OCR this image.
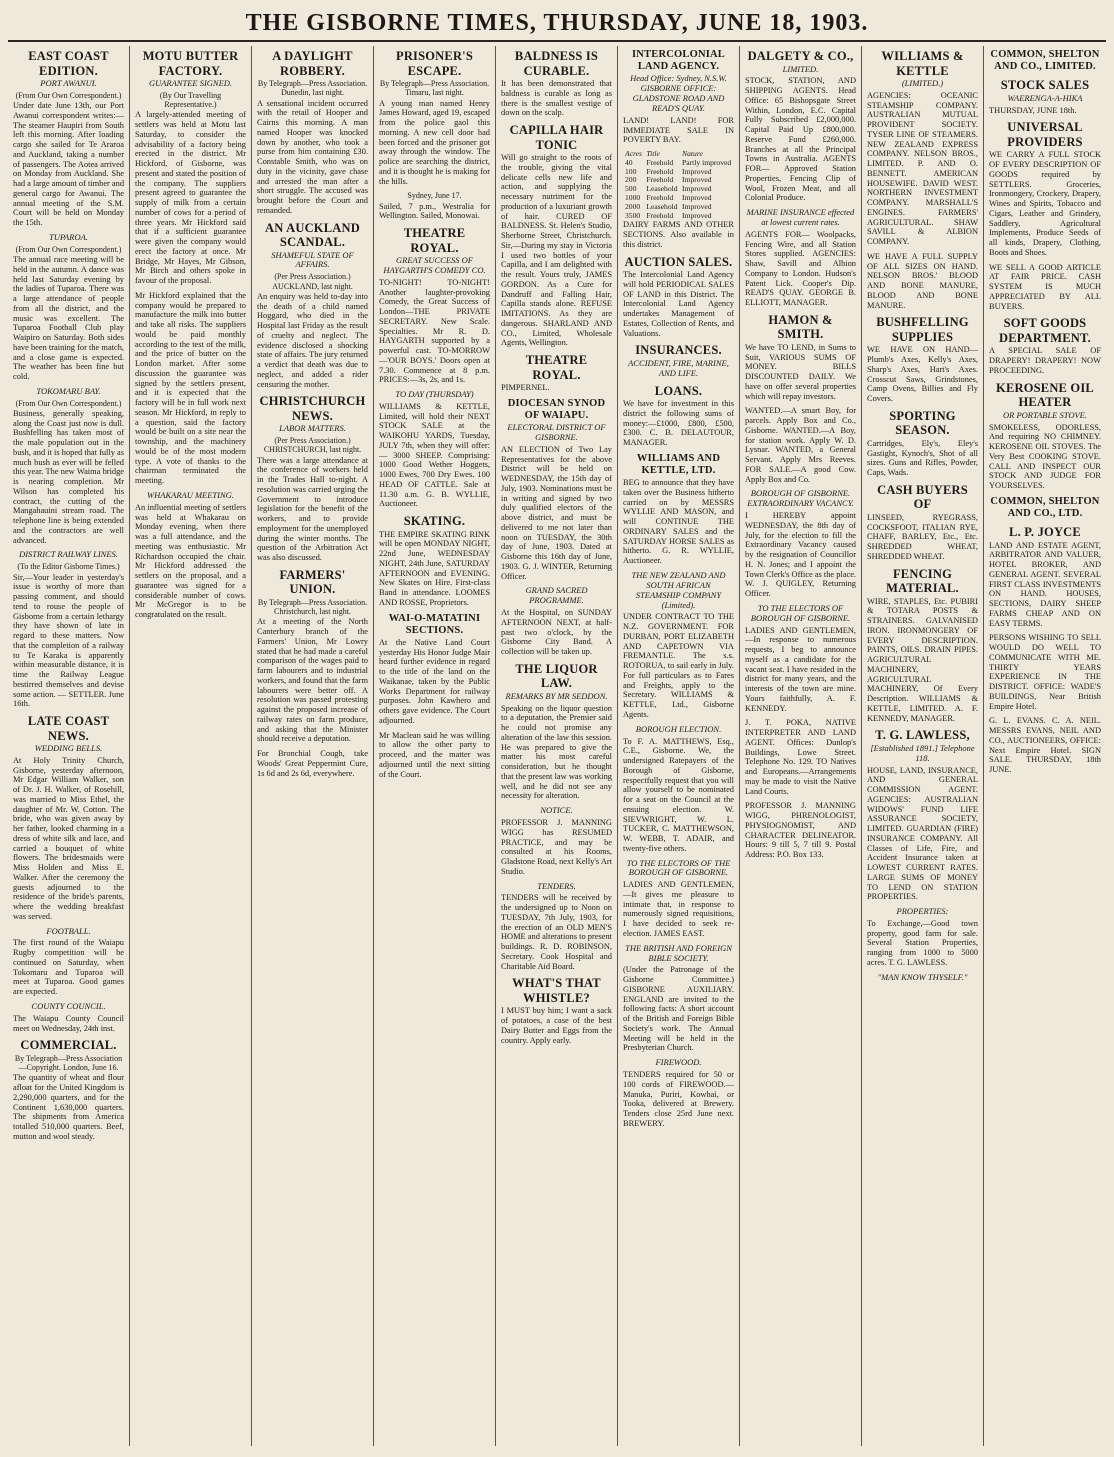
THE GISBORNE TIMES, THURSDAY, JUNE 18, 1903.
EAST COAST EDITION.
PORT AWANUI.
(From Our Own Correspondent.)

Under date June 13th, our Port Awanui correspondent writes:—The steamer Haupiri from South left this morning. After loading cargo she sailed for Te Araroa and Auckland, taking a number of passengers. The Aotea arrived on Monday from Auckland. She had a large amount of timber and general cargo for Awanui. The annual meeting of the S.M. Court will be held on Monday the 15th.

TUPAROA.
(From Our Own Correspondent.)

The annual race meeting will be held in the autumn. A dance was held last Saturday evening by the ladies of Tuparoa. There was a large attendance of people from all the district, and the music was excellent. The Tuparoa Football Club play Waipiro on Saturday. Both sides have been training for the match, and a close game is expected. The weather has been fine but cold.

TOKOMARU BAY.
(From Our Own Correspondent.)

Business, generally speaking, along the Coast just now is dull. Bushfelling has taken most of the male population out in the bush, and it is hoped that fully as much bush as ever will be felled this year. The new Waima bridge is nearing completion. Mr Wilson has completed his contract, the cutting of the Mangahauini stream road. The telephone line is being extended and the contractors are well advanced.

DISTRICT RAILWAY LINES.
(To the Editor Gisborne Times.)

Sir,—Your leader in yesterday's issue is worthy of more than passing comment, and should tend to rouse the people of Gisborne from a certain lethargy they have shown of late in regard to these matters. Now that the completion of a railway to Te Karaka is apparently within measurable distance, it is time the Railway League bestirred themselves and devise some action. — SETTLER. June 16th.

LATE COAST NEWS.
WEDDING BELLS.

At Holy Trinity Church, Gisborne, yesterday afternoon, Mr Edgar William Walker, son of Dr. J. H. Walker, of Rosehill, was married to Miss Ethel, the daughter of Mr. W. Cotton. The bride, who was given away by her father, looked charming in a dress of white silk and lace, and carried a bouquet of white flowers. The bridesmaids were Miss Holden and Miss E. Walker. After the ceremony the guests adjourned to the residence of the bride's parents, where the wedding breakfast was served.

FOOTBALL.

The first round of the Waiapu Rugby competition will be continued on Saturday, when Tokomaru and Tuparoa will meet at Tuparoa. Good games are expected.

COUNTY COUNCIL.

The Waiapu County Council meet on Wednesday, 24th inst.

COMMERCIAL.
By Telegraph—Press Association—Copyright. London, June 16.

The quantity of wheat and flour afloat for the United Kingdom is 2,290,000 quarters, and for the Continent 1,630,000 quarters. The shipments from America totalled 510,000 quarters. Beef, mutton and wool steady.

MOTU BUTTER FACTORY.
GUARANTEE SIGNED.
(By Our Travelling Representative.)

A largely-attended meeting of settlers was held at Motu last Saturday, to consider the advisability of a factory being erected in the district. Mr Hickford, of Gisborne, was present and stated the position of the company. The suppliers present agreed to guarantee the supply of milk from a certain number of cows for a period of three years. Mr Hickford said that if a sufficient guarantee were given the company would erect the factory at once. Mr Bridge, Mr Hayes, Mr Gibson, Mr Birch and others spoke in favour of the proposal.

Mr Hickford explained that the company would be prepared to manufacture the milk into butter and take all risks. The suppliers would be paid monthly according to the test of the milk, and the price of butter on the London market. After some discussion the guarantee was signed by the settlers present, and it is expected that the factory will be in full work next season. Mr Hickford, in reply to a question, said the factory would be built on a site near the township, and the machinery would be of the most modern type. A vote of thanks to the chairman terminated the meeting.

WHAKARAU MEETING.

An influential meeting of settlers was held at Whakarau on Monday evening, when there was a full attendance, and the meeting was enthusiastic. Mr Richardson occupied the chair. Mr Hickford addressed the settlers on the proposal, and a guarantee was signed for a considerable number of cows. Mr McGregor is to be congratulated on the result.

A DAYLIGHT ROBBERY.
By Telegraph—Press Association. Dunedin, last night.

A sensational incident occurred with the retail of Hooper and Cairns this morning. A man named Hooper was knocked down by another, who took a purse from him containing £30. Constable Smith, who was on duty in the vicinity, gave chase and arrested the man after a short struggle. The accused was brought before the Court and remanded.

AN AUCKLAND SCANDAL.
SHAMEFUL STATE OF AFFAIRS.
(Per Press Association.) AUCKLAND, last night.

An enquiry was held to-day into the death of a child named Hoggard, who died in the Hospital last Friday as the result of cruelty and neglect. The evidence disclosed a shocking state of affairs. The jury returned a verdict that death was due to neglect, and added a rider censuring the mother.

CHRISTCHURCH NEWS.
LABOR MATTERS.
(Per Press Association.) CHRISTCHURCH, last night.

There was a large attendance at the conference of workers held in the Trades Hall to-night. A resolution was carried urging the Government to introduce legislation for the benefit of the workers, and to provide employment for the unemployed during the winter months. The question of the Arbitration Act was also discussed.

FARMERS' UNION.
By Telegraph—Press Association. Christchurch, last night.

At a meeting of the North Canterbury branch of the Farmers' Union, Mr Lowry stated that he had made a careful comparison of the wages paid to farm labourers and to industrial workers, and found that the farm labourers were better off. A resolution was passed protesting against the proposed increase of railway rates on farm produce, and asking that the Minister should receive a deputation.

For Bronchial Cough, take Woods' Great Peppermint Cure, 1s 6d and 2s 6d, everywhere.

PRISONER'S ESCAPE.
By Telegraph—Press Association. Timaru, last night.

A young man named Henry James Howard, aged 19, escaped from the police gaol this morning. A new cell door had been forced and the prisoner got away through the window. The police are searching the district, and it is thought he is making for the hills.

Sydney, June 17.

Sailed, 7 p.m., Westralia for Wellington. Sailed, Monowai.

THEATRE ROYAL.
GREAT SUCCESS OF HAYGARTH'S COMEDY CO.

TO-NIGHT! TO-NIGHT! Another laughter-provoking Comedy, the Great Success of London—THE PRIVATE SECRETARY. New Scale. Specialties. Mr R. D. HAYGARTH supported by a powerful cast. TO-MORROW—'OUR BOYS.' Doors open at 7.30. Commence at 8 p.m. PRICES:—3s, 2s, and 1s.

TO DAY (THURSDAY)

WILLIAMS & KETTLE, Limited, will hold their NEXT STOCK SALE at the WAIKOHU YARDS, Tuesday, JULY 7th, when they will offer:— 3000 SHEEP. Comprising: 1000 Good Wether Hoggets, 1000 Ewes, 700 Dry Ewes. 100 HEAD OF CATTLE. Sale at 11.30 a.m. G. B. WYLLIE, Auctioneer.

SKATING.

THE EMPIRE SKATING RINK will be open MONDAY NIGHT, 22nd June, WEDNESDAY NIGHT, 24th June, SATURDAY AFTERNOON and EVENING. New Skates on Hire. First-class Band in attendance. LOOMES AND ROSSE, Proprietors.

WAI-O-MATATINI SECTIONS.

At the Native Land Court yesterday His Honor Judge Mair heard further evidence in regard to the title of the land on the Waikanae, taken by the Public Works Department for railway purposes. John Kawhero and others gave evidence. The Court adjourned.

Mr Maclean said he was willing to allow the other party to proceed, and the matter was adjourned until the next sitting of the Court.

BALDNESS IS CURABLE.

It has been demonstrated that baldness is curable as long as there is the smallest vestige of down on the scalp.

CAPILLA HAIR TONIC

Will go straight to the roots of the trouble, giving the vital delicate cells new life and action, and supplying the necessary nutriment for the production of a luxuriant growth of hair. CURED OF BALDNESS. St. Helen's Studio, Sherborne Street, Christchurch. Sir,—During my stay in Victoria I used two bottles of your Capilla, and I am delighted with the result. Yours truly, JAMES GORDON. As a Cure for Dandruff and Falling Hair, Capilla stands alone. REFUSE IMITATIONS. As they are dangerous. SHARLAND AND CO., Limited, Wholesale Agents, Wellington.

THEATRE ROYAL.

PIMPERNEL.

DIOCESAN SYNOD OF WAIAPU.
ELECTORAL DISTRICT OF GISBORNE.

AN ELECTION of Two Lay Representatives for the above District will be held on WEDNESDAY, the 15th day of July, 1903. Nominations must be in writing and signed by two duly qualified electors of the above district, and must be delivered to me not later than noon on TUESDAY, the 30th day of June, 1903. Dated at Gisborne this 16th day of June, 1903. G. J. WINTER, Returning Officer.

GRAND SACRED PROGRAMME.

At the Hospital, on SUNDAY AFTERNOON NEXT, at half-past two o'clock, by the Gisborne City Band. A collection will be taken up.

THE LIQUOR LAW.
REMARKS BY MR SEDDON.

Speaking on the liquor question to a deputation, the Premier said he could not promise any alteration of the law this session. He was prepared to give the matter his most careful consideration, but he thought that the present law was working well, and he did not see any necessity for alteration.

NOTICE.

PROFESSOR J. MANNING WIGG has RESUMED PRACTICE, and may be consulted at his Rooms, Gladstone Road, next Kelly's Art Studio.

TENDERS.

TENDERS will be received by the undersigned up to Noon on TUESDAY, 7th July, 1903, for the erection of an OLD MEN'S HOME and alterations to present buildings. R. D. ROBINSON, Secretary. Cook Hospital and Charitable Aid Board.

WHAT'S THAT WHISTLE?

I MUST buy him; I want a sack of potatoes, a case of the best Dairy Butter and Eggs from the country. Apply early.

INTERCOLONIAL LAND AGENCY.
Head Office: Sydney, N.S.W. GISBORNE OFFICE: GLADSTONE ROAD AND READ'S QUAY.

LAND! LAND! FOR IMMEDIATE SALE IN POVERTY BAY.

Acres	Title	Nature
40	Freehold	Partly improved
100	Freehold	Improved
200	Freehold	Improved
500	Leasehold	Improved
1000	Freehold	Improved
2000	Leasehold	Improved
3500	Freehold	Improved

DAIRY FARMS AND OTHER SECTIONS. Also available in this district.

AUCTION SALES.

The Intercolonial Land Agency will hold PERIODICAL SALES OF LAND in this District. The Intercolonial Land Agency undertakes Management of Estates, Collection of Rents, and Valuations.

INSURANCES.
ACCIDENT, FIRE, MARINE, AND LIFE.
LOANS.

We have for investment in this district the following sums of money:—£1000, £800, £500, £300. C. B. DELAUTOUR, MANAGER.

WILLIAMS AND KETTLE, LTD.

BEG to announce that they have taken over the Business hitherto carried on by MESSRS WYLLIE AND MASON, and will CONTINUE THE ORDINARY SALES and the SATURDAY HORSE SALES as hitherto. G. R. WYLLIE, Auctioneer.

THE NEW ZEALAND AND SOUTH AFRICAN STEAMSHIP COMPANY (Limited).

UNDER CONTRACT TO THE N.Z. GOVERNMENT. FOR DURBAN, PORT ELIZABETH AND CAPETOWN VIA FREMANTLE. The s.s. ROTORUA, to sail early in July. For full particulars as to Fares and Freights, apply to the Secretary. WILLIAMS & KETTLE, Ltd., Gisborne Agents.

BOROUGH ELECTION.

To F. A. MATTHEWS, Esq., C.E., Gisborne. We, the undersigned Ratepayers of the Borough of Gisborne, respectfully request that you will allow yourself to be nominated for a seat on the Council at the ensuing election. W. SIEVWRIGHT, W. L. TUCKER, C. MATTHEWSON, W. WEBB, T. ADAIR, and twenty-five others.

TO THE ELECTORS OF THE BOROUGH OF GISBORNE.

LADIES AND GENTLEMEN,—It gives me pleasure to intimate that, in response to numerously signed requisitions, I have decided to seek re-election. JAMES EAST.

THE BRITISH AND FOREIGN BIBLE SOCIETY.

(Under the Patronage of the Gisborne Committee.) GISBORNE AUXILIARY. ENGLAND are invited to the following facts: A short account of the British and Foreign Bible Society's work. The Annual Meeting will be held in the Presbyterian Church.

FIREWOOD.

TENDERS required for 50 or 100 cords of FIREWOOD.—Manuka, Puriri, Kowhai, or Tooka, delivered at Brewery. Tenders close 25rd June next. BREWERY.

DALGETY & CO.,
LIMITED.

STOCK, STATION, AND SHIPPING AGENTS. Head Office: 65 Bishopsgate Street Within, London, E.C. Capital Fully Subscribed £2,000,000. Capital Paid Up £800,000. Reserve Fund £260,000. Branches at all the Principal Towns in Australia. AGENTS FOR— Approved Station Properties, Fencing Clip of Wool, Frozen Meat, and all Colonial Produce.

MARINE INSURANCE effected at lowest current rates.

AGENTS FOR— Woolpacks, Fencing Wire, and all Station Stores supplied. AGENCIES: Shaw, Savill and Albion Company to London. Hudson's Patent Lick. Cooper's Dip. READ'S QUAY. GEORGE B. ELLIOTT, MANAGER.

HAMON & SMITH.

We have TO LEND, in Sums to Suit, VARIOUS SUMS OF MONEY. BILLS DISCOUNTED DAILY. We have on offer several properties which will repay investors.

WANTED.—A smart Boy, for parcels. Apply Box and Co., Gisborne. WANTED.—A Boy, for station work. Apply W. D. Lysnar. WANTED, a General Servant. Apply Mrs Reeves. FOR SALE.—A good Cow. Apply Box and Co.

BOROUGH OF GISBORNE. EXTRAORDINARY VACANCY.

I HEREBY appoint WEDNESDAY, the 8th day of July, for the election to fill the Extraordinary Vacancy caused by the resignation of Councillor H. N. Jones; and I appoint the Town Clerk's Office as the place. W. J. QUIGLEY, Returning Officer.

TO THE ELECTORS OF BOROUGH OF GISBORNE.

LADIES AND GENTLEMEN,—In response to numerous requests, I beg to announce myself as a candidate for the vacant seat. I have resided in the district for many years, and the interests of the town are mine. Yours faithfully, A. F. KENNEDY.

J. T. POKA, NATIVE INTERPRETER AND LAND AGENT. Offices: Dunlop's Buildings, Lowe Street. Telephone No. 129. TO Natives and Europeans.—Arrangements may be made to visit the Native Land Courts.

PROFESSOR J. MANNING WIGG, PHRENOLOGIST, PHYSIOGNOMIST, AND CHARACTER DELINEATOR. Hours: 9 till 5, 7 till 9. Postal Address: P.O. Box 133.

WILLIAMS & KETTLE
(LIMITED.)

AGENCIES: OCEANIC STEAMSHIP COMPANY. AUSTRALIAN MUTUAL PROVIDENT SOCIETY. TYSER LINE OF STEAMERS. NEW ZEALAND EXPRESS COMPANY. NELSON BROS., LIMITED. P. AND O. BENNETT. AMERICAN HOUSEWIFE. DAVID WEST. NORTHERN INVESTMENT COMPANY. MARSHALL'S ENGINES. FARMERS' AGRICULTURAL. SHAW SAVILL & ALBION COMPANY.

WE HAVE A FULL SUPPLY OF ALL SIZES ON HAND. NELSON BROS.' BLOOD AND BONE MANURE, BLOOD AND BONE MANURE.

BUSHFELLING SUPPLIES

WE HAVE ON HAND— Plumb's Axes, Kelly's Axes, Sharp's Axes, Hart's Axes. Crosscut Saws, Grindstones, Camp Ovens, Billies and Fly Covers.

SPORTING SEASON.

Cartridges, Ely's, Eley's Gastight, Kynoch's, Shot of all sizes. Guns and Rifles, Powder, Caps, Wads.

CASH BUYERS OF

LINSEED, RYEGRASS, COCKSFOOT, ITALIAN RYE, CHAFF, BARLEY, Etc., Etc. SHREDDED WHEAT, SHREDDED WHEAT.

FENCING MATERIAL.

WIRE, STAPLES, Etc. PUBIRI & TOTARA POSTS & STRAINERS. GALVANISED IRON. IRONMONGERY OF EVERY DESCRIPTION. PAINTS, OILS. DRAIN PIPES. AGRICULTURAL MACHINERY, AGRICULTURAL MACHINERY, Of Every Description. WILLIAMS & KETTLE, LIMITED. A. F. KENNEDY, MANAGER.

T. G. LAWLESS,
[Established 1891.] Telephone 118.

HOUSE, LAND, INSURANCE, AND GENERAL COMMISSION AGENT. AGENCIES: AUSTRALIAN WIDOWS' FUND LIFE ASSURANCE SOCIETY, LIMITED. GUARDIAN (FIRE) INSURANCE COMPANY. All Classes of Life, Fire, and Accident Insurance taken at LOWEST CURRENT RATES. LARGE SUMS OF MONEY TO LEND ON STATION PROPERTIES.

PROPERTIES:

To Exchange,—Good town property, good farm for sale. Several Station Properties, ranging from 1000 to 5000 acres. T. G. LAWLESS.

"MAN KNOW THYSELF."
COMMON, SHELTON AND CO., LIMITED.
STOCK SALES
WAERENGA-A-HIKA

THURSDAY, JUNE 18th.

UNIVERSAL PROVIDERS

WE CARRY A FULL STOCK OF EVERY DESCRIPTION OF GOODS required by SETTLERS. Groceries, Ironmongery, Crockery, Drapery, Wines and Spirits, Tobacco and Cigars, Leather and Grindery, Saddlery, Agricultural Implements, Produce Seeds of all kinds, Drapery, Clothing, Boots and Shoes.

WE SELL A GOOD ARTICLE AT FAIR PRICE. CASH SYSTEM IS MUCH APPRECIATED BY ALL BUYERS.

SOFT GOODS DEPARTMENT.

A SPECIAL SALE OF DRAPERY! DRAPERY! NOW PROCEEDING.

KEROSENE OIL HEATER
OR PORTABLE STOVE.

SMOKELESS, ODORLESS, And requiring NO CHIMNEY. KEROSENE OIL STOVES. The Very Best COOKING STOVE. CALL AND INSPECT OUR STOCK AND JUDGE FOR YOURSELVES.

COMMON, SHELTON AND CO., LTD.
L. P. JOYCE

LAND AND ESTATE AGENT, ARBITRATOR AND VALUER, HOTEL BROKER, AND GENERAL AGENT. SEVERAL FIRST CLASS INVESTMENTS ON HAND. HOUSES, SECTIONS, DAIRY SHEEP FARMS CHEAP AND ON EASY TERMS.

PERSONS WISHING TO SELL WOULD DO WELL TO COMMUNICATE WITH ME. THIRTY YEARS EXPERIENCE IN THE DISTRICT. OFFICE: WADE'S BUILDINGS, Near British Empire Hotel.

G. L. EVANS. C. A. NEIL. MESSRS EVANS, NEIL AND CO., AUCTIONEERS, OFFICE: Next Empire Hotel. SIGN SALE. THURSDAY, 18th JUNE.
